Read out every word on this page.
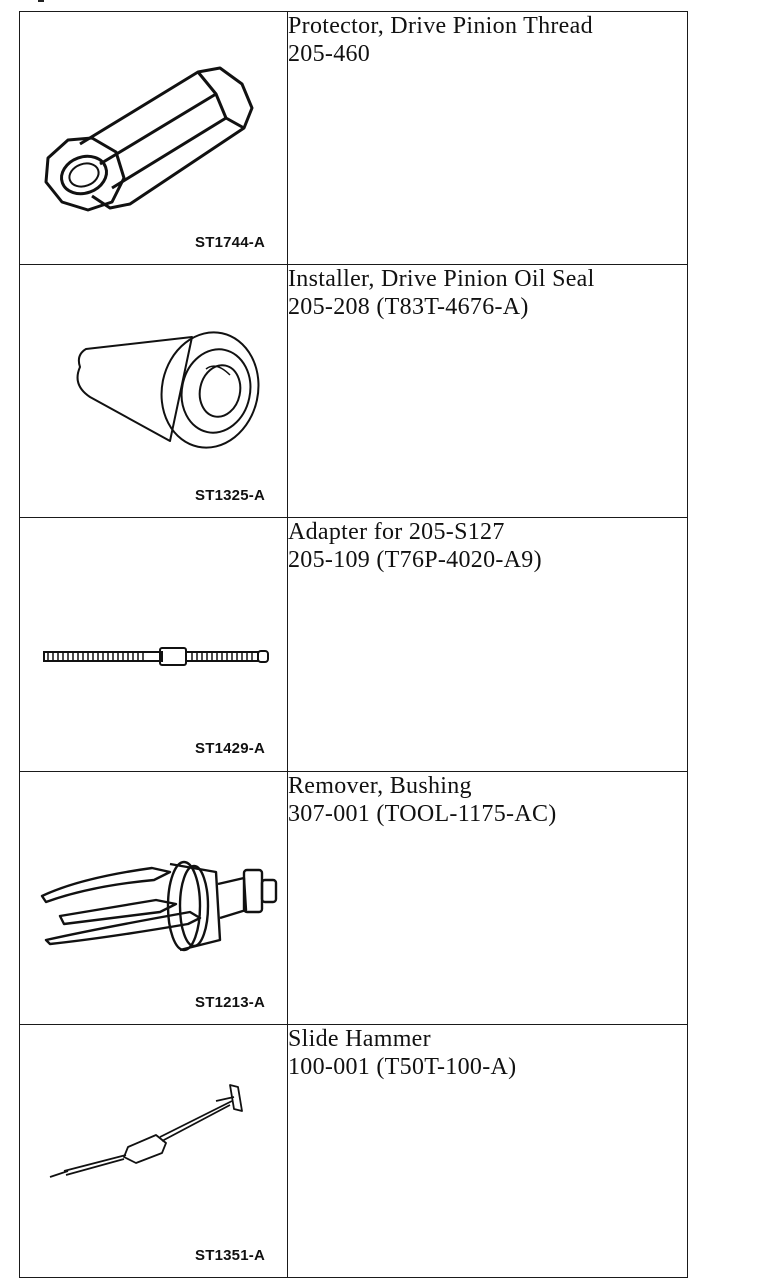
ST1744-A	Protector, Drive Pinion Thread
205-460

ST1325-A	Installer, Drive Pinion Oil Seal
205-208 (T83T-4676-A)

ST1429-A	Adapter for 205-S127
205-109 (T76P-4020-A9)

ST1213-A	Remover, Bushing
307-001 (TOOL-1175-AC)

ST1351-A	Slide Hammer
100-001 (T50T-100-A)
